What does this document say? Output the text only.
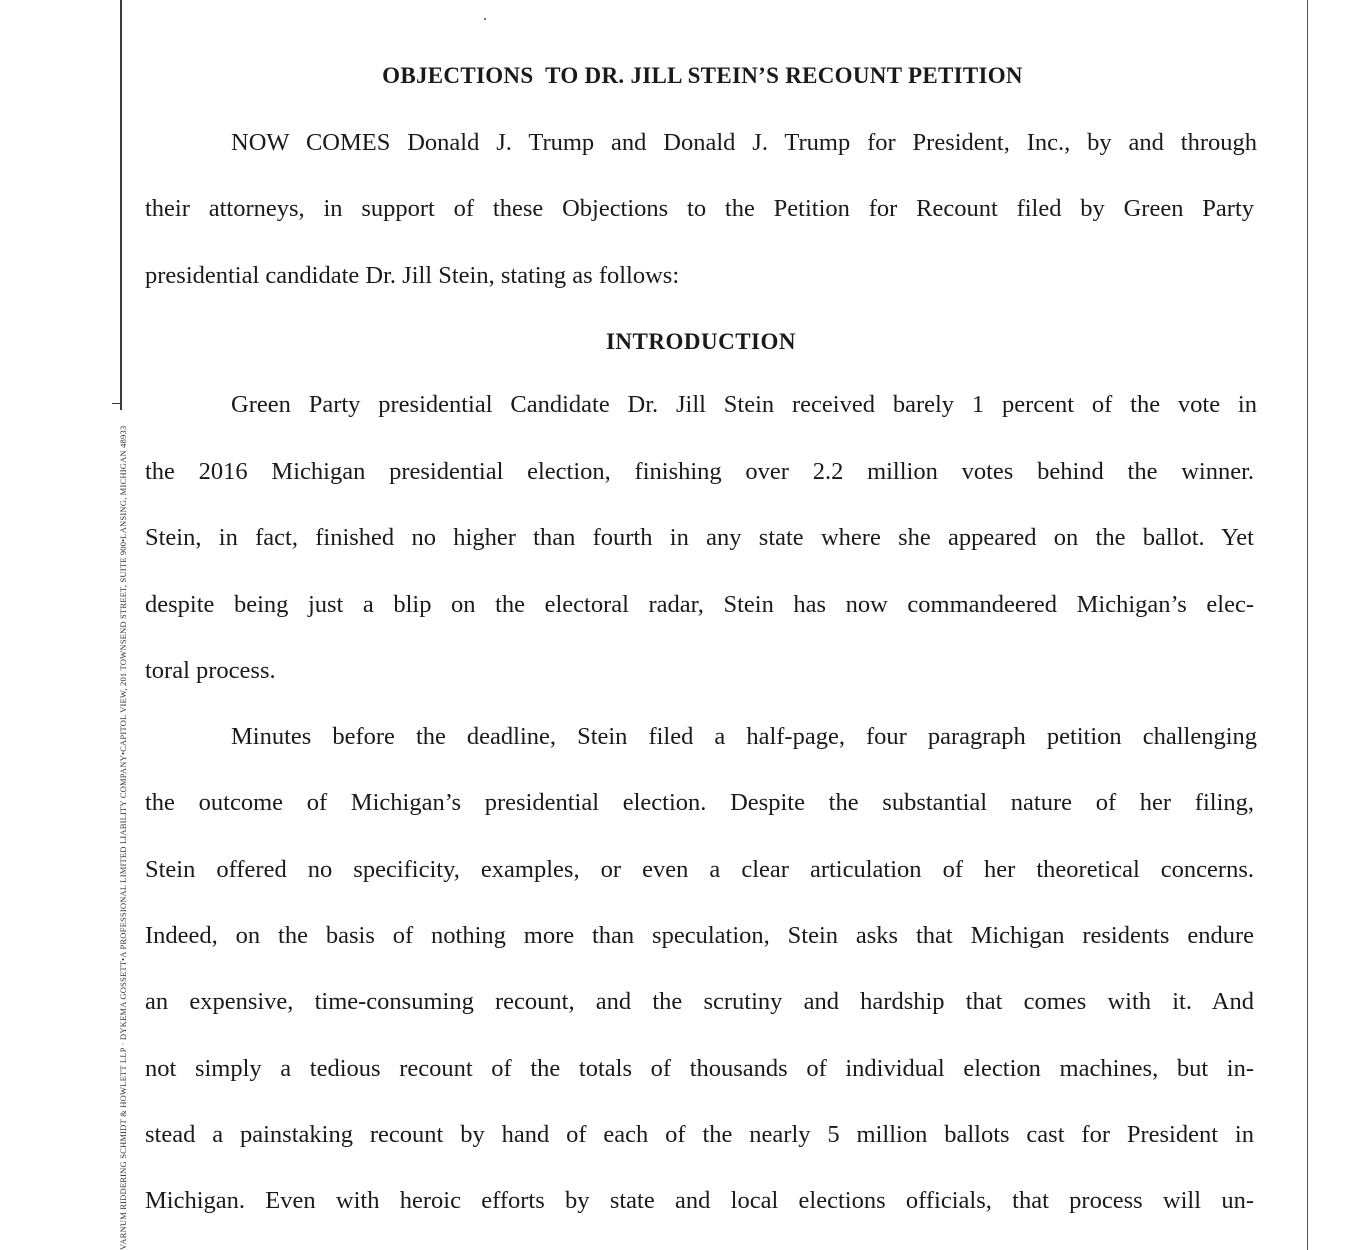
VARNUM RIDDERING SCHMIDT & HOWLETT LLP · DYKEMA GOSSETT•A PROFESSIONAL LIMITED LIABILITY COMPANY•CAPITOL VIEW, 201 TOWNSEND STREET, SUITE 900•LANSING, MICHIGAN 48933
OBJECTIONS  TO DR. JILL STEIN’S RECOUNT PETITION
NOW COMES Donald J. Trump and Donald J. Trump for President, Inc., by and through
their attorneys, in support of these Objections to the Petition for Recount filed by Green Party
presidential candidate Dr. Jill Stein, stating as follows:
INTRODUCTION
Green Party presidential Candidate Dr. Jill Stein received barely 1 percent of the vote in
the 2016 Michigan presidential election, finishing over 2.2 million votes behind the winner.
Stein, in fact, finished no higher than fourth in any state where she appeared on the ballot. Yet
despite being just a blip on the electoral radar, Stein has now commandeered Michigan’s elec-
toral process.
Minutes before the deadline, Stein filed a half-page, four paragraph petition challenging
the outcome of Michigan’s presidential election. Despite the substantial nature of her filing,
Stein offered no specificity, examples, or even a clear articulation of her theoretical concerns.
Indeed, on the basis of nothing more than speculation, Stein asks that Michigan residents endure
an expensive, time-consuming recount, and the scrutiny and hardship that comes with it. And
not simply a tedious recount of the totals of thousands of individual election machines, but in-
stead a painstaking recount by hand of each of the nearly 5 million ballots cast for President in
Michigan. Even with heroic efforts by state and local elections officials, that process will un-
